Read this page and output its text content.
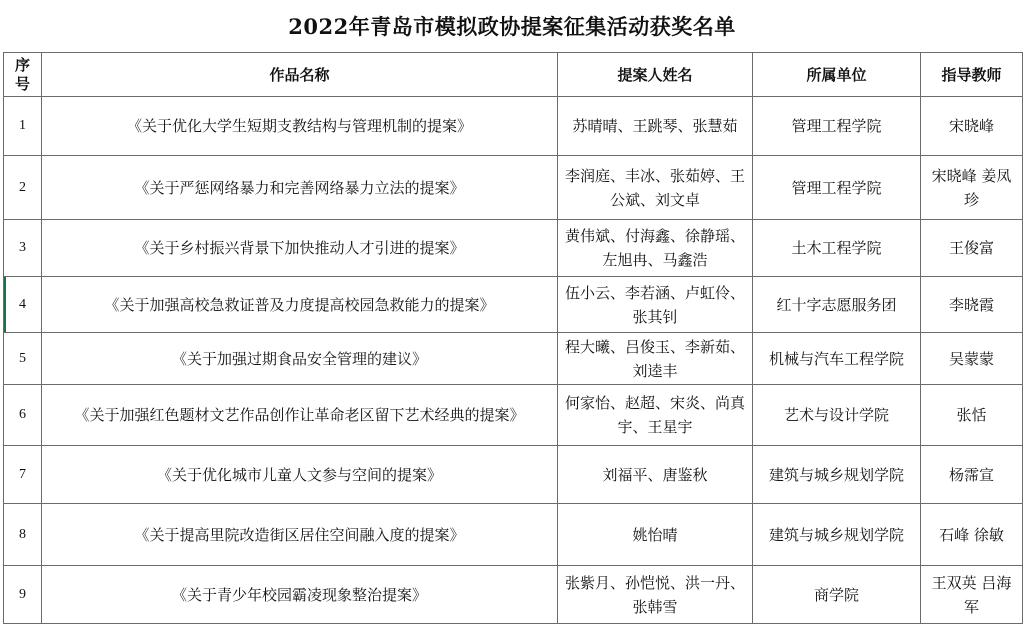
2022年青岛市模拟政协提案征集活动获奖名单
序号	作品名称	提案人姓名	所属单位	指导教师
1	《关于优化大学生短期支教结构与管理机制的提案》	苏晴晴、王跳琴、张慧茹	管理工程学院	宋晓峰
2	《关于严惩网络暴力和完善网络暴力立法的提案》	李润庭、丰冰、张茹婷、王公斌、刘文卓	管理工程学院	宋晓峰 姜凤珍
3	《关于乡村振兴背景下加快推动人才引进的提案》	黄伟斌、付海鑫、徐静瑶、左旭冉、马鑫浩	土木工程学院	王俊富
4	《关于加强高校急救证普及力度提高校园急救能力的提案》	伍小云、李若涵、卢虹伶、张其钊	红十字志愿服务团	李晓霞
5	《关于加强过期食品安全管理的建议》	程大曦、吕俊玉、李新茹、刘逵丰	机械与汽车工程学院	吴蒙蒙
6	《关于加强红色题材文艺作品创作让革命老区留下艺术经典的提案》	何家怡、赵超、宋炎、尚真宇、王星宇	艺术与设计学院	张恬
7	《关于优化城市儿童人文参与空间的提案》	刘福平、唐鉴秋	建筑与城乡规划学院	杨霈宣
8	《关于提高里院改造街区居住空间融入度的提案》	姚怡晴	建筑与城乡规划学院	石峰 徐敏
9	《关于青少年校园霸凌现象整治提案》	张紫月、孙恺悦、洪一丹、张韩雪	商学院	王双英 吕海军
